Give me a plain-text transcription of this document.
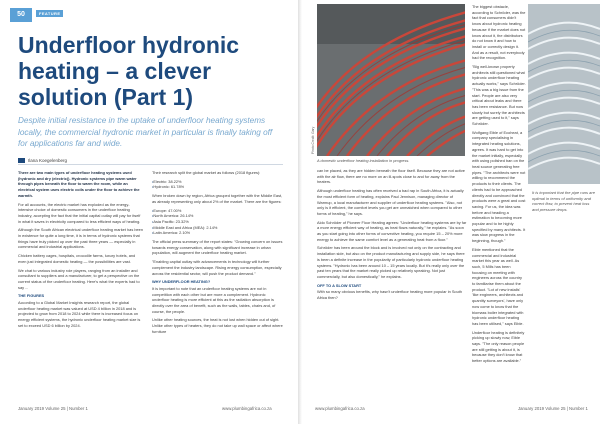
50	FEATURE
Underfloor hydronic heating – a clever solution (Part 1)
Despite initial resistance in the uptake of underfloor heating systems locally, the commercial hydronic market in particular is finally taking off for applications far and wide.
Ilana Koegelenberg

There are two main types of underfloor heating systems used (hydronic and dry (electric)). Hydronic systems pipe warm water through pipes beneath the floor to warm the room, while an electrical system uses electric coils under the floor to achieve the warmth.

For all accounts, the electric market has exploded as the energy-intensive choice of domestic consumers in the underfloor heating industry, accepting the fact that the initial capital outlay will pay for itself in what it saves in electricity compared to less efficient ways of heating.

Although the South African electrical underfloor heating market has been in existence for quite a long time, it is in terms of hydronic systems that things have truly picked up over the past three years — especially in commercial and industrial applications.

Chicken battery cages, hospitals, crocodile farms, luxury hotels, and even just integrated domestic heating — the possibilities are vast.

We chat to various industry role players, ranging from an installer and consultant to suppliers and a manufacturer, to get a perspective on the current status of the underfloor heating. Here's what the experts had to say ...

THE FIGURES

According to a Global Market Insights research report, the global underfloor heating market was valued at USD 4 billion in 2018 and is projected to grow from 2018 to 2024 while there is increased focus on energy efficient systems, the hydronic underfloor heating market size is set to exceed USD 6 billion by 2024.

Their research split the global market as follows (2018 figures):

• Electric: 38.22%
• Hydronic: 61.78%

When broken down by region, Africa grouped together with the Middle East, as already representing only about 2% of the market. There are the figures:

• Europe: 47.00%
• North America: 26.14%
• Asia Pacific: 23.32%
• Middle East and Africa (MEA): 2.14%
• Latin America: 2.10%

The official press summary of the report states: "Growing concern on issues towards energy conservation, along with significant increase in urban population, will augment the underfloor heating market.

"Enabling capital outlay with advancements in technology will further complement the industry landscape. Rising energy consumption, especially across the residential sector, will push the product demand."

WHY UNDERFLOOR HEATING?

It is important to note that an underfloor heating systems are not in competition with each other but are more a complement. Hydronic underfloor heating is more efficient at this as the radiation absorption is directly over the area of benefit, such as the walls, tables, chairs and, of course, the people.

Unlike other heating sources, the heat is not lost when hidden out of sight. Unlike other types of heaters, they do not take up wall space or affect where furniture

January 2019 Volume 25 | Number 1	www.plumbingafrica.co.za
Photo Credit: Gary
A domestic underfloor heating installation in progress.
It is important that the pipe runs are optimal in terms of uniformity and correct flow, to prevent heat loss and pressure drops.

can be placed, as they are hidden beneath the floor itself. Because they are not active with the air flow, there are no more on an ill-spots close to and for away from the heaters.

Although underfloor heating has often received a bad rap in South Africa, it is actually the most efficient form of heating, explains Paul Jennison, managing director of Warmup, a local manufacturer and supplier of underfloor heating systems. "Also, not only is it efficient, the comfort levels you get are unmatched when compared to other forms of heating," he says.

Aldo Schröder of Pioneer Floor Heating agrees: "Underfloor heating systems are by far a more energy efficient way of heating, as heat flows naturally," he explains. "As soon as you start going into other forms of convective heating, you require 15 – 20% more energy to achieve the same comfort level as a generating heat from a floor."

Schröder has been around the block and is involved not only on the contracting and installation side, but also on the product manufacturing and supply side, he says there is been a definite increase in the popularity of particularly hydronic underfloor heating systems. "Hydronic has been around 10 – 15 years locally. But it's really only over the past ten years that the market really picked up relatively speaking. Not just commercially, but also domestically," he explains.

OFF TO A SLOW START

With so many obvious benefits, why hasn't underfloor heating more popular in South Africa then?

The biggest obstacle, according to Schröder, was the fact that consumers didn't know about hydronic heating because if the market does not know about it, the distributors do not know it and how to install or correctly design it. And as a result, not everybody had the recognition.

"Big well-known property architects still questioned what hydronic underfloor heating actually works," says Schröder. "This was a big issue from the start. People are also very critical about leaks and there has been resistance. But now slowly but surely the architects are getting used to it," says Schröder.

Wolfgang Eible of Ecoheat, a company specialising in integrated heating solutions, agrees. It was hard to get into the market initially, especially with using polished ban on the heat source generating free pipes. "The architects were not willing to recommend the products to their clients. The clients had to be approached directly and convinced that the products were a great and cost saving. For us, the idea was before and heading a estimation to becoming more popular and to be highly specified by many architects. It was slow progress in the beginning, though."

Eible mentioned that the commercial and industrial market this year as well. As such, 5 Mills has been focusing on meeting with engineers across the country to familiarise them about the product. "Lot of new installs' 'like engineers, architects and quantity surveyors', have only now come to know that the biomass boiler integrated with hydronic underfloor heating has been utilised," says Eible.

Underfloor heating is definitely picking up slowly now, Eible says. "The only reason people are still getting is about it, is because they don't know that better options are available."

www.plumbingafrica.co.za	January 2019 Volume 25 | Number 1
